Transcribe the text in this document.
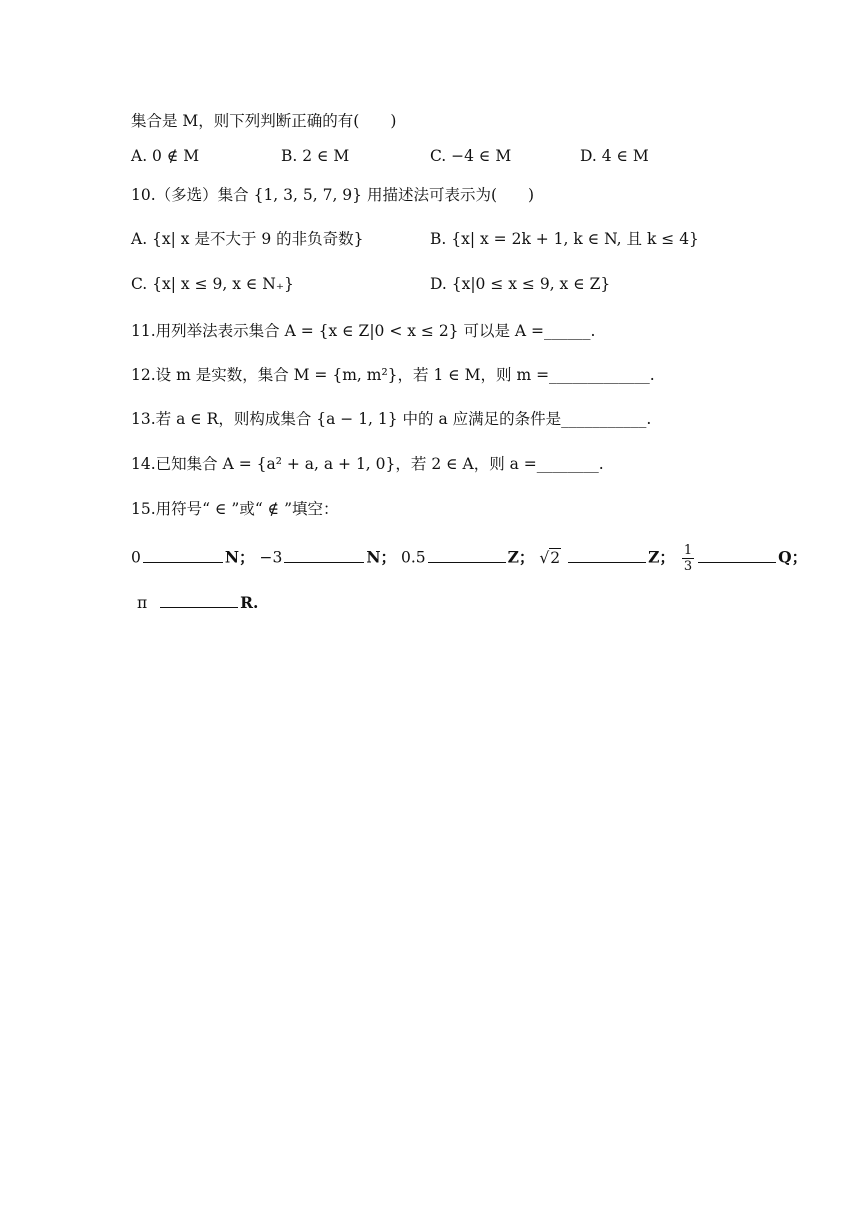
集合是 M，则下列判断正确的有(　　)
A. 0 ∉ M	B. 2 ∈ M	C. −4 ∈ M	D. 4 ∈ M
10.（多选）集合 {1, 3, 5, 7, 9} 用描述法可表示为(　　)
A. {x| x 是不大于 9 的非负奇数}	B. {x| x = 2k + 1, k ∈ N, 且 k ≤ 4}
C. {x| x ≤ 9, x ∈ N₊}	D. {x|0 ≤ x ≤ 9, x ∈ Z}
11.用列举法表示集合 A = {x ∈ Z|0 < x ≤ 2} 可以是 A =______.
12.设 m 是实数，集合 M = {m, m²}，若 1 ∈ M，则 m =_____________.
13.若 a ∈ R，则构成集合 {a − 1, 1} 中的 a 应满足的条件是___________.
14.已知集合 A = {a² + a, a + 1, 0}，若 2 ∈ A，则 a =________.
15.用符号“ ∈ ”或“ ∉ ”填空：
0	N； −3	N； 0.5	Z； √2	Z； $\frac{1}{3}$	Q；
π	R.
